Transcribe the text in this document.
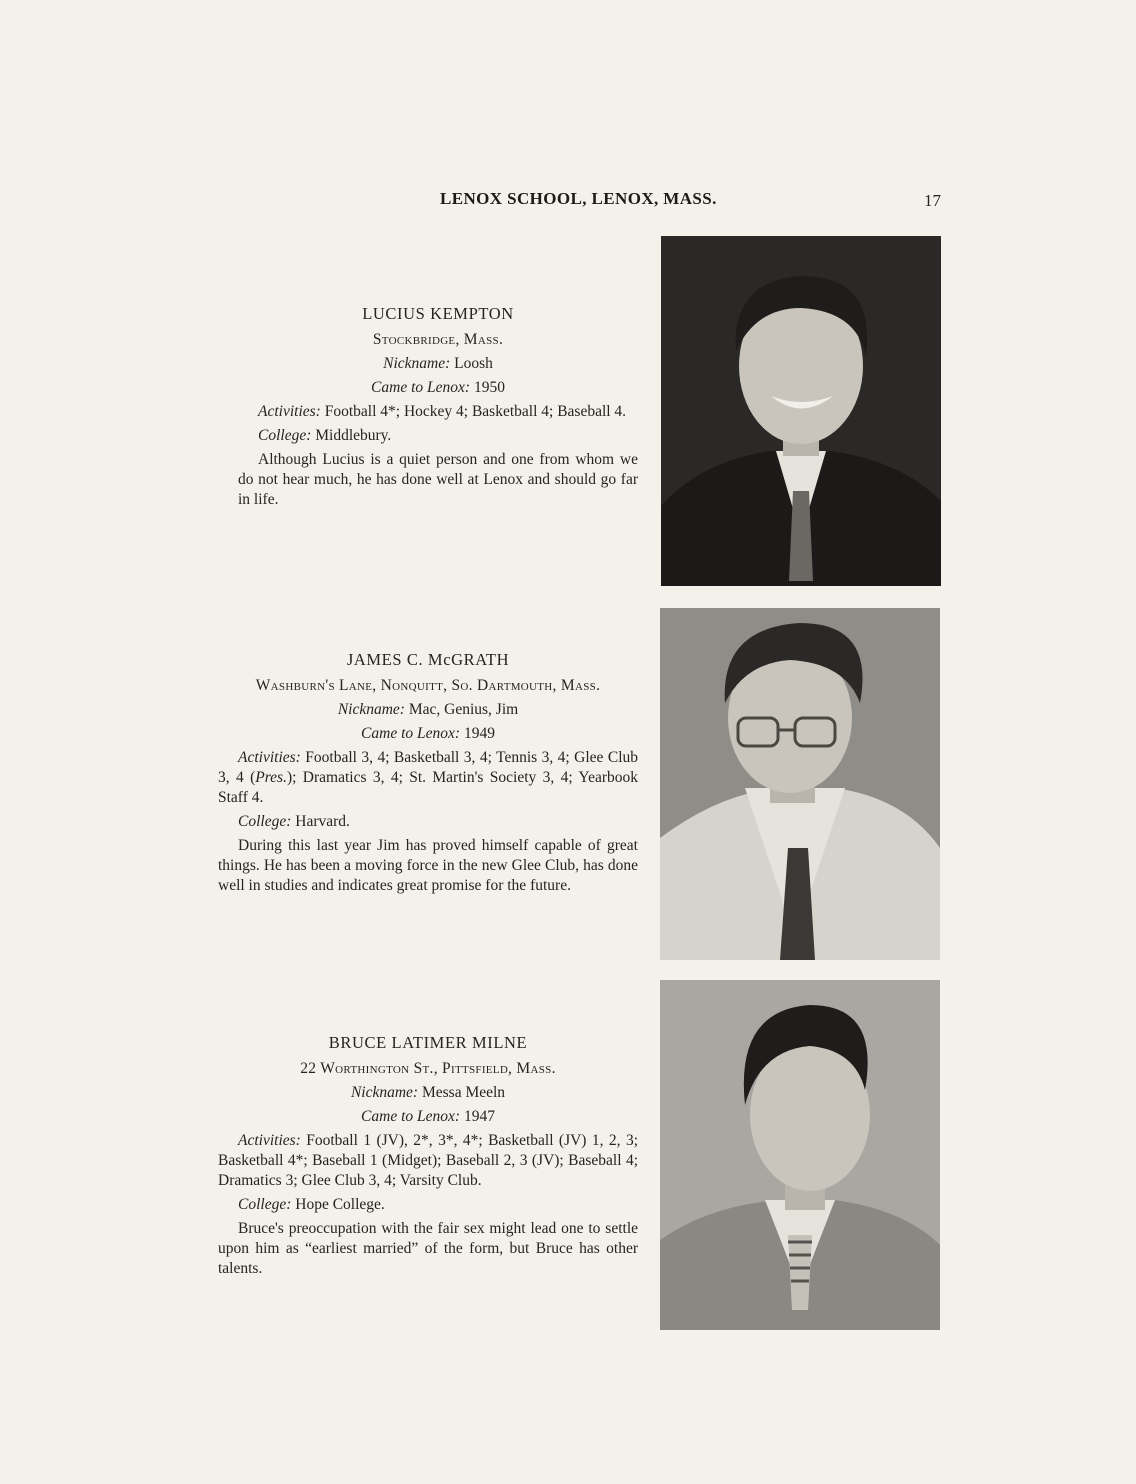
LENOX SCHOOL, LENOX, MASS.	17
LUCIUS KEMPTON
Stockbridge, Mass.
Nickname: Loosh
Came to Lenox: 1950

Activities: Football 4*; Hockey 4; Basketball 4; Baseball 4.

College: Middlebury.

Although Lucius is a quiet person and one from whom we do not hear much, he has done well at Lenox and should go far in life.

JAMES C. McGRATH
Washburn's Lane, Nonquitt, So. Dartmouth, Mass.
Nickname: Mac, Genius, Jim
Came to Lenox: 1949

Activities: Football 3, 4; Basketball 3, 4; Tennis 3, 4; Glee Club 3, 4 (Pres.); Dramatics 3, 4; St. Martin's Society 3, 4; Yearbook Staff 4.

College: Harvard.

During this last year Jim has proved himself capable of great things. He has been a moving force in the new Glee Club, has done well in studies and indicates great promise for the future.

BRUCE LATIMER MILNE
22 Worthington St., Pittsfield, Mass.
Nickname: Messa Meeln
Came to Lenox: 1947

Activities: Football 1 (JV), 2*, 3*, 4*; Basketball (JV) 1, 2, 3; Basketball 4*; Baseball 1 (Midget); Baseball 2, 3 (JV); Baseball 4; Dramatics 3; Glee Club 3, 4; Varsity Club.

College: Hope College.

Bruce's preoccupation with the fair sex might lead one to settle upon him as “earliest married” of the form, but Bruce has other talents.
